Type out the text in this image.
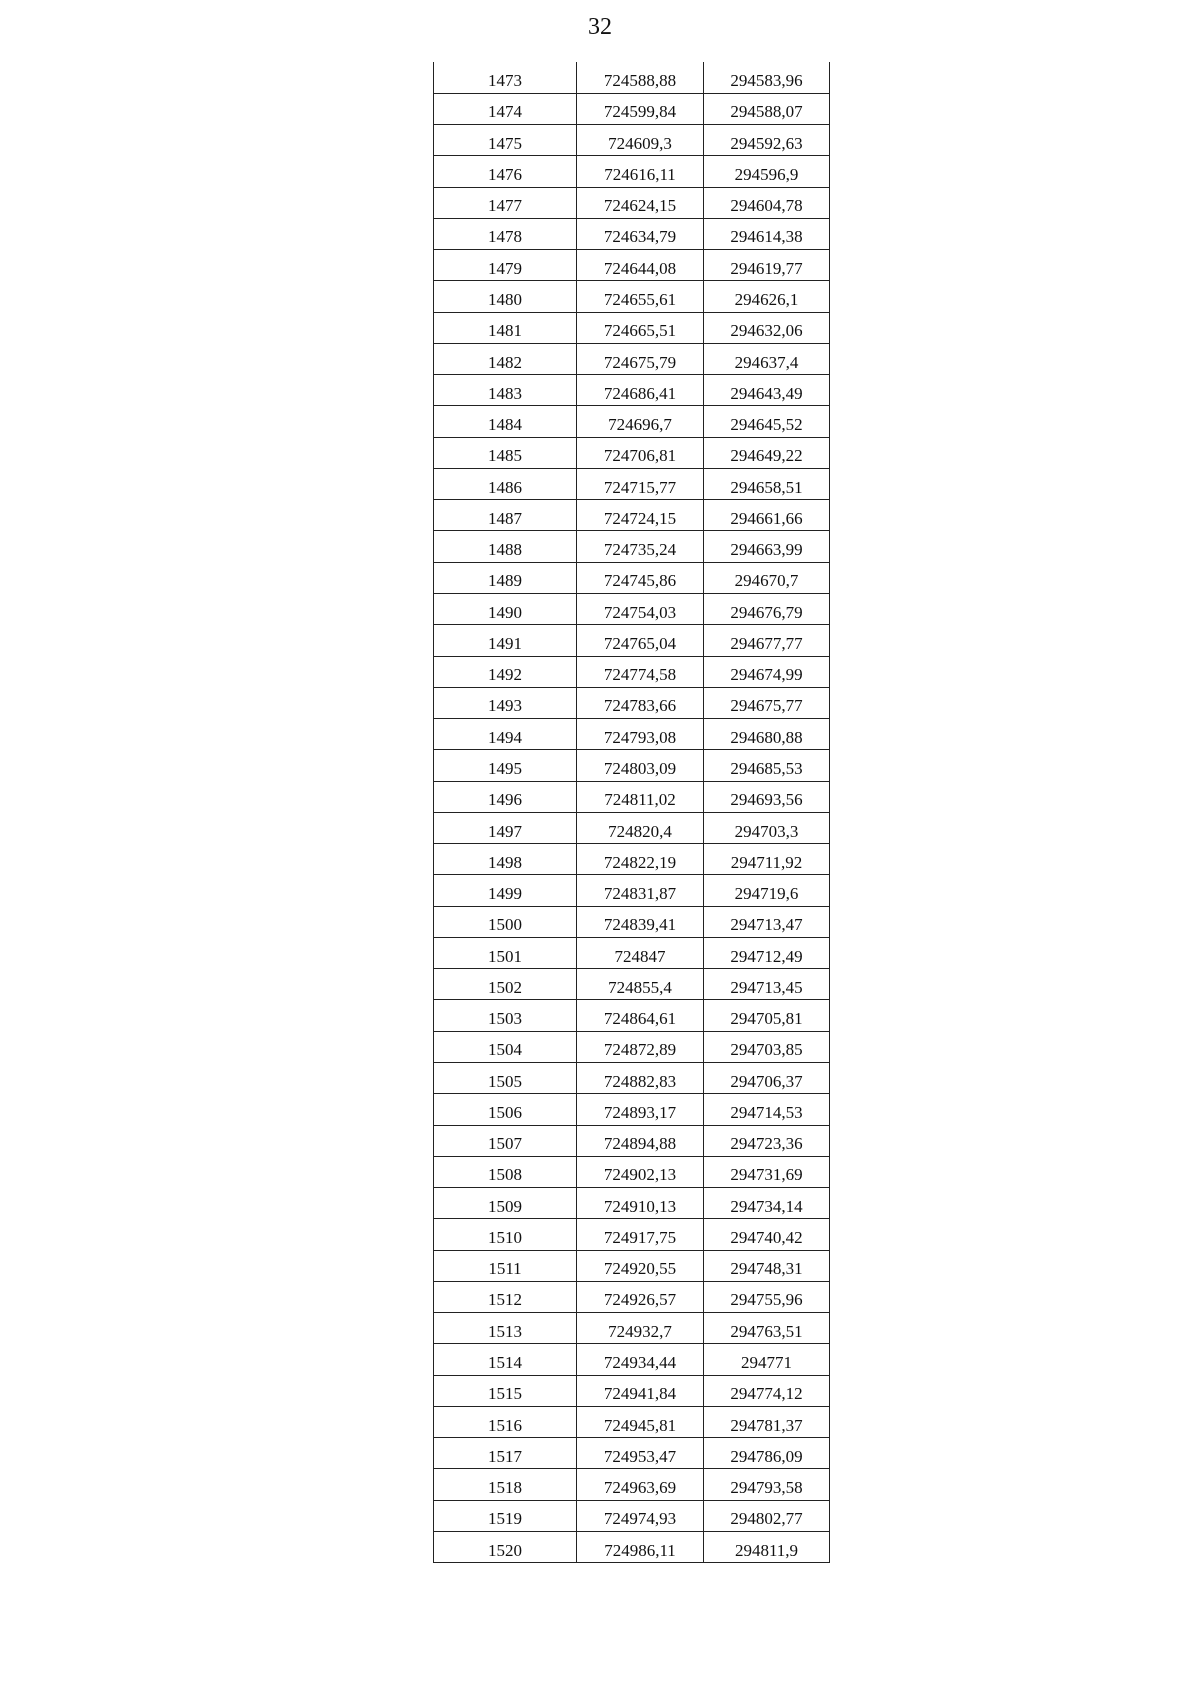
32
1473	724588,88	294583,96
1474	724599,84	294588,07
1475	724609,3	294592,63
1476	724616,11	294596,9
1477	724624,15	294604,78
1478	724634,79	294614,38
1479	724644,08	294619,77
1480	724655,61	294626,1
1481	724665,51	294632,06
1482	724675,79	294637,4
1483	724686,41	294643,49
1484	724696,7	294645,52
1485	724706,81	294649,22
1486	724715,77	294658,51
1487	724724,15	294661,66
1488	724735,24	294663,99
1489	724745,86	294670,7
1490	724754,03	294676,79
1491	724765,04	294677,77
1492	724774,58	294674,99
1493	724783,66	294675,77
1494	724793,08	294680,88
1495	724803,09	294685,53
1496	724811,02	294693,56
1497	724820,4	294703,3
1498	724822,19	294711,92
1499	724831,87	294719,6
1500	724839,41	294713,47
1501	724847	294712,49
1502	724855,4	294713,45
1503	724864,61	294705,81
1504	724872,89	294703,85
1505	724882,83	294706,37
1506	724893,17	294714,53
1507	724894,88	294723,36
1508	724902,13	294731,69
1509	724910,13	294734,14
1510	724917,75	294740,42
1511	724920,55	294748,31
1512	724926,57	294755,96
1513	724932,7	294763,51
1514	724934,44	294771
1515	724941,84	294774,12
1516	724945,81	294781,37
1517	724953,47	294786,09
1518	724963,69	294793,58
1519	724974,93	294802,77
1520	724986,11	294811,9
